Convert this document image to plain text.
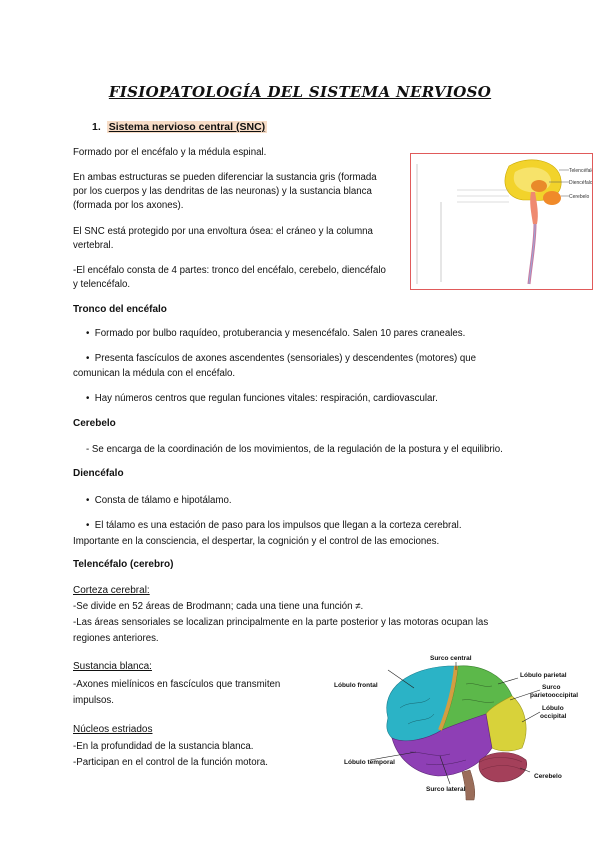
FISIOPATOLOGÍA DEL SISTEMA NERVIOSO
1. Sistema nervioso central (SNC)
Formado por el encéfalo y la médula espinal.
En ambas estructuras se pueden diferenciar la sustancia gris (formada
por los cuerpos y las dendritas de las neuronas) y la sustancia blanca
(formada por los axones).
El SNC está protegido por una envoltura ósea: el cráneo y la columna
vertebral.
-El encéfalo consta de 4 partes: tronco del encéfalo, cerebelo, diencéfalo
y telencéfalo.
Telencéfalo
Diencéfalo
Cerebelo
Tronco del encéfalo
•  Formado por bulbo raquídeo, protuberancia y mesencéfalo. Salen 10 pares craneales.
•  Presenta fascículos de axones ascendentes (sensoriales) y descendentes (motores) que
comunican la médula con el encéfalo.
•  Hay números centros que regulan funciones vitales: respiración, cardiovascular.
Cerebelo
- Se encarga de la coordinación de los movimientos, de la regulación de la postura y el equilibrio.
Diencéfalo
•  Consta de tálamo e hipotálamo.
•  El tálamo es una estación de paso para los impulsos que llegan a la corteza cerebral.
Importante en la consciencia, el despertar, la cognición y el control de las emociones.
Telencéfalo (cerebro)
Corteza cerebral:
-Se divide en 52 áreas de Brodmann; cada una tiene una función ≠.
-Las áreas sensoriales se localizan principalmente en la parte posterior y las motoras ocupan las
regiones anteriores.
Sustancia blanca:
-Axones mielínicos en fascículos que transmiten
impulsos.
Núcleos estriados
-En la profundidad de la sustancia blanca.
-Participan en el control de la función motora.
Surco central
Lóbulo frontal
Lóbulo parietal
Surco
parietooccipital
Lóbulo
occipital
Lóbulo temporal
Cerebelo
Surco lateral
